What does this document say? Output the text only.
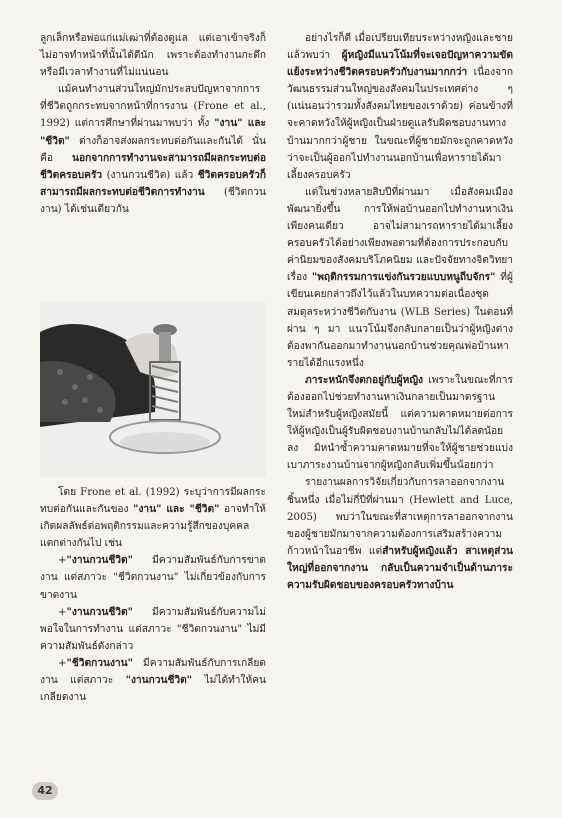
ลูกเล็กหรือพ่อแก่แม่เฒ่าที่ต้องดูแล แต่เอาเข้าจริงก็ไม่อาจทำหน้าที่นั้นได้ดีนัก เพราะต้องทำงานกะดึก หรือมีเวลาทำงานที่ไม่แน่นอน

แม้คนทำงานส่วนใหญ่มักประสบปัญหาจากการที่ชีวิตถูกกระทบจากหน้าที่การงาน (Frone et al., 1992) แต่การศึกษาที่ผ่านมาพบว่า ทั้ง "งาน" และ "ชีวิต" ต่างก็อาจส่งผลกระทบต่อกันและกันได้ นั่นคือ นอกจากการทำงานจะสามารถมีผลกระทบต่อชีวิตครอบครัว (งานกวนชีวิต) แล้ว ชีวิตครอบครัวก็สามารถมีผลกระทบต่อชีวิตการทำงาน (ชีวิตกวนงาน) ได้เช่นเดียวกัน

โดย Frone et al. (1992) ระบุว่าการมีผลกระทบต่อกันและกันของ "งาน" และ "ชีวิต" อาจทำให้เกิดผลลัพธ์ต่อพฤติกรรมและความรู้สึกของบุคคลแตกต่างกันไป เช่น

+"งานกวนชีวิต" มีความสัมพันธ์กับการขาดงาน แต่สภาวะ "ชีวิตกวนงาน" ไม่เกี่ยวข้องกับการขาดงาน

+"งานกวนชีวิต" มีความสัมพันธ์กับความไม่พอใจในการทำงาน แต่สภาวะ "ชีวิตกวนงาน" ไม่มีความสัมพันธ์ดังกล่าว

+"ชีวิตกวนงาน" มีความสัมพันธ์กับการเกลียดงาน แต่สภาวะ "งานกวนชีวิต" ไม่ได้ทำให้คนเกลียดงาน

อย่างไรก็ดี เมื่อเปรียบเทียบระหว่างหญิงและชายแล้วพบว่า ผู้หญิงมีแนวโน้มที่จะเจอปัญหาความขัดแย้งระหว่างชีวิตครอบครัวกับงานมากกว่า เนื่องจากวัฒนธรรมส่วนใหญ่ของสังคมในประเทศต่าง ๆ (แน่นอนว่ารวมทั้งสังคมไทยของเราด้วย) ค่อนข้างที่จะคาดหวังให้ผู้หญิงเป็นฝ่ายดูแลรับผิดชอบงานทางบ้านมากกว่าผู้ชาย ในขณะที่ผู้ชายมักจะถูกคาดหวังว่าจะเป็นผู้ออกไปทำงานนอกบ้านเพื่อหารายได้มาเลี้ยงครอบครัว

แต่ในช่วงหลายสิบปีที่ผ่านมา เมื่อสังคมเมืองพัฒนายิ่งขึ้น การให้พ่อบ้านออกไปทำงานหาเงินเพียงคนเดียว อาจไม่สามารถหารายได้มาเลี้ยงครอบครัวได้อย่างเพียงพอตามที่ต้องการประกอบกับค่านิยมของสังคมบริโภคนิยม และปัจจัยทางจิตวิทยาเรื่อง "พฤติกรรมการแข่งกันรวยแบบหนูถีบจักร" ที่ผู้เขียนเคยกล่าวถึงไว้แล้วในบทความต่อเนื่องชุดสมดุลระหว่างชีวิตกับงาน (WLB Series) ในตอนที่ผ่าน ๆ มา แนวโน้มจึงกลับกลายเป็นว่าผู้หญิงต่างต้องพากันออกมาทำงานนอกบ้านช่วยคุณพ่อบ้านหารายได้อีกแรงหนึ่ง

ภาระหนักจึงตกอยู่กับผู้หญิง เพราะในขณะที่การต้องออกไปช่วยทำงานหาเงินกลายเป็นมาตรฐานใหม่สำหรับผู้หญิงสมัยนี้ แต่ความคาดหมายต่อการให้ผู้หญิงเป็นผู้รับผิดชอบงานบ้านกลับไม่ได้ลดน้อยลง มิหนำซ้ำความคาดหมายที่จะให้ผู้ชายช่วยแบ่งเบาภาระงานบ้านจากผู้หญิงกลับเพิ่มขึ้นน้อยกว่า

รายงานผลการวิจัยเกี่ยวกับการลาออกจากงานชิ้นหนึ่ง เมื่อไม่กี่ปีที่ผ่านมา (Hewlett and Luce, 2005) พบว่าในขณะที่สาเหตุการลาออกจากงานของผู้ชายมักมาจากความต้องการเสริมสร้างความก้าวหน้าในอาชีพ แต่สำหรับผู้หญิงแล้ว สาเหตุส่วนใหญ่ที่ออกจากงาน กลับเป็นความจำเป็นด้านภาระความรับผิดชอบของครอบครัวทางบ้าน

42
